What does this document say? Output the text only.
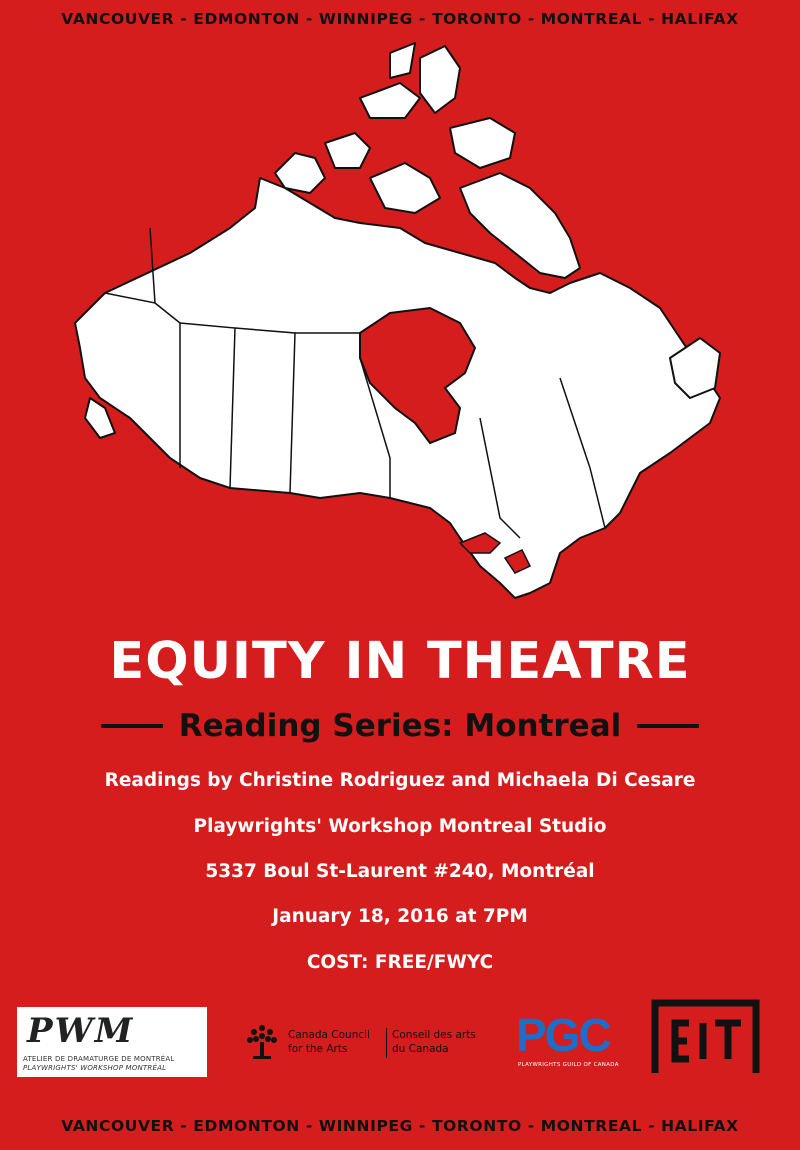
VANCOUVER - EDMONTON - WINNIPEG - TORONTO - MONTREAL - HALIFAX
EQUITY IN THEATRE
Reading Series: Montreal
Readings by Christine Rodriguez and Michaela Di Cesare
Playwrights' Workshop Montreal Studio
5337 Boul St-Laurent #240, Montréal
January 18, 2016 at 7PM
COST: FREE/FWYC
PWM
ATELIER DE DRAMATURGE DE MONTRÉAL
PLAYWRIGHTS' WORKSHOP MONTRÉAL
Canada Council
for the Arts
Conseil des arts
du Canada	PGC
PLAYWRIGHTS GUILD OF CANADA
EIT
VANCOUVER - EDMONTON - WINNIPEG - TORONTO - MONTREAL - HALIFAX
